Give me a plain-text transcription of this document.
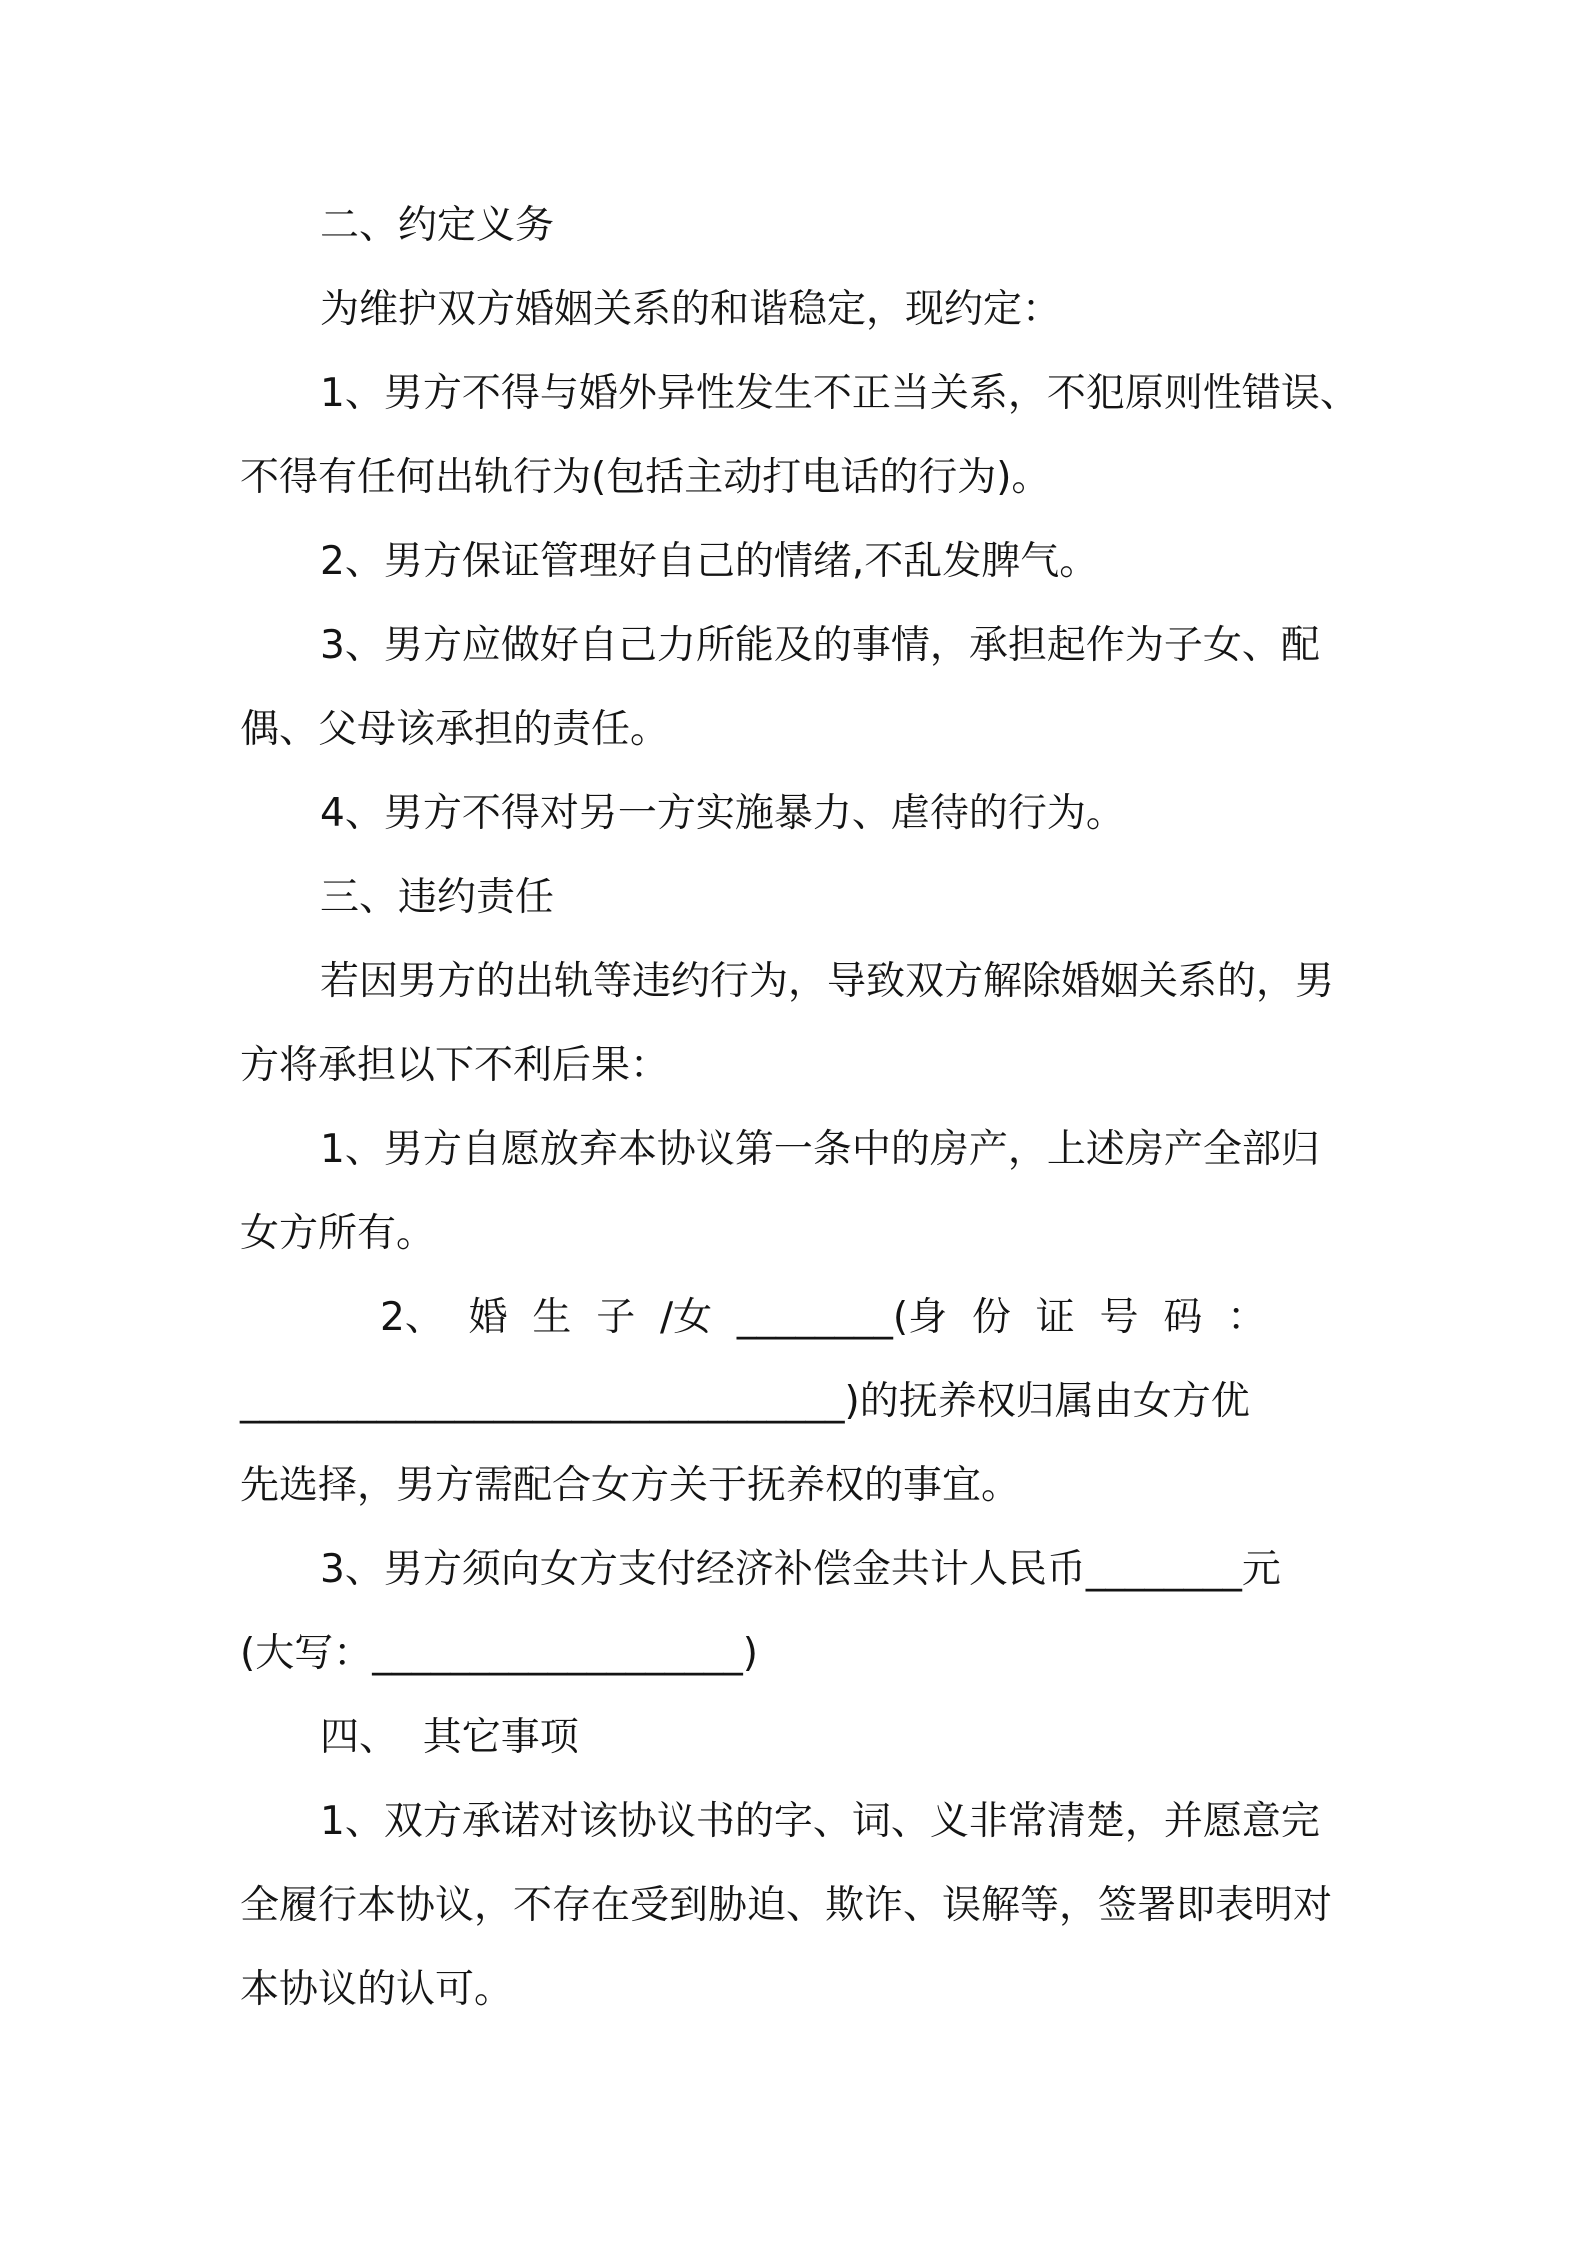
二、约定义务
为维护双方婚姻关系的和谐稳定，现约定：
1、男方不得与婚外异性发生不正当关系，不犯原则性错误、
不得有任何出轨行为(包括主动打电话的行为)。
2、男方保证管理好自己的情绪,不乱发脾气。
3、男方应做好自己力所能及的事情，承担起作为子女、配
偶、父母该承担的责任。
4、男方不得对另一方实施暴力、虐待的行为。
三、违约责任
若因男方的出轨等违约行为，导致双方解除婚姻关系的，男
方将承担以下不利后果：
1、男方自愿放弃本协议第一条中的房产，上述房产全部归
女方所有。
2、  婚  生  子  /女  ________(身  份  证  号  码  ：
_______________________________)的抚养权归属由女方优
先选择，男方需配合女方关于抚养权的事宜。
3、男方须向女方支付经济补偿金共计人民币________元
(大写：___________________)
四、  其它事项
1、双方承诺对该协议书的字、词、义非常清楚，并愿意完
全履行本协议，不存在受到胁迫、欺诈、误解等，签署即表明对
本协议的认可。
